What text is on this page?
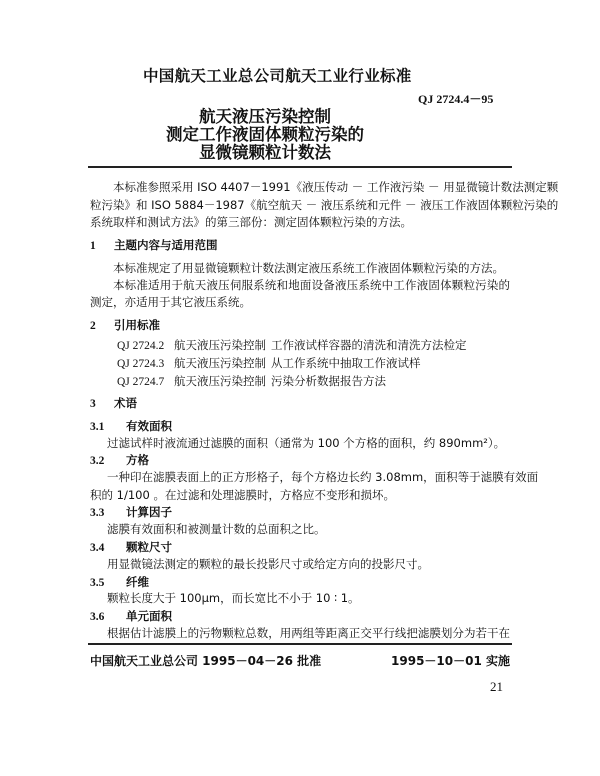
中国航天工业总公司航天工业行业标准
QJ 2724.4－95
航天液压污染控制
测定工作液固体颗粒污染的
显微镜颗粒计数法
本标准参照采用 ISO 4407－1991《液压传动 － 工作液污染 － 用显微镜计数法测定颗
粒污染》和 ISO 5884－1987《航空航天 － 液压系统和元件 － 液压工作液固体颗粒污染的
系统取样和测试方法》的第三部份：测定固体颗粒污染的方法。
1 主题内容与适用范围
本标准规定了用显微镜颗粒计数法测定液压系统工作液固体颗粒污染的方法。
本标准适用于航天液压伺服系统和地面设备液压系统中工作液固体颗粒污染的
测定，亦适用于其它液压系统。
2 引用标准
QJ 2724.2 航天液压污染控制 工作液试样容器的清洗和清洗方法检定
QJ 2724.3 航天液压污染控制 从工作系统中抽取工作液试样
QJ 2724.7 航天液压污染控制 污染分析数据报告方法
3 术语
3.1 有效面积
过滤试样时液流通过滤膜的面积（通常为 100 个方格的面积，约 890mm²）。
3.2 方格
一种印在滤膜表面上的正方形格子，每个方格边长约 3.08mm，面积等于滤膜有效面
积的 1/100 。在过滤和处理滤膜时，方格应不变形和损坏。
3.3 计算因子
滤膜有效面积和被测量计数的总面积之比。
3.4 颗粒尺寸
用显微镜法测定的颗粒的最长投影尺寸或给定方向的投影尺寸。
3.5 纤维
颗粒长度大于 100μm，而长宽比不小于 10 ∶ 1。
3.6 单元面积
根据估计滤膜上的污物颗粒总数，用两组等距离正交平行线把滤膜划分为若干在
中国航天工业总公司 1995－04－26 批准	1995－10－01 实施
21
